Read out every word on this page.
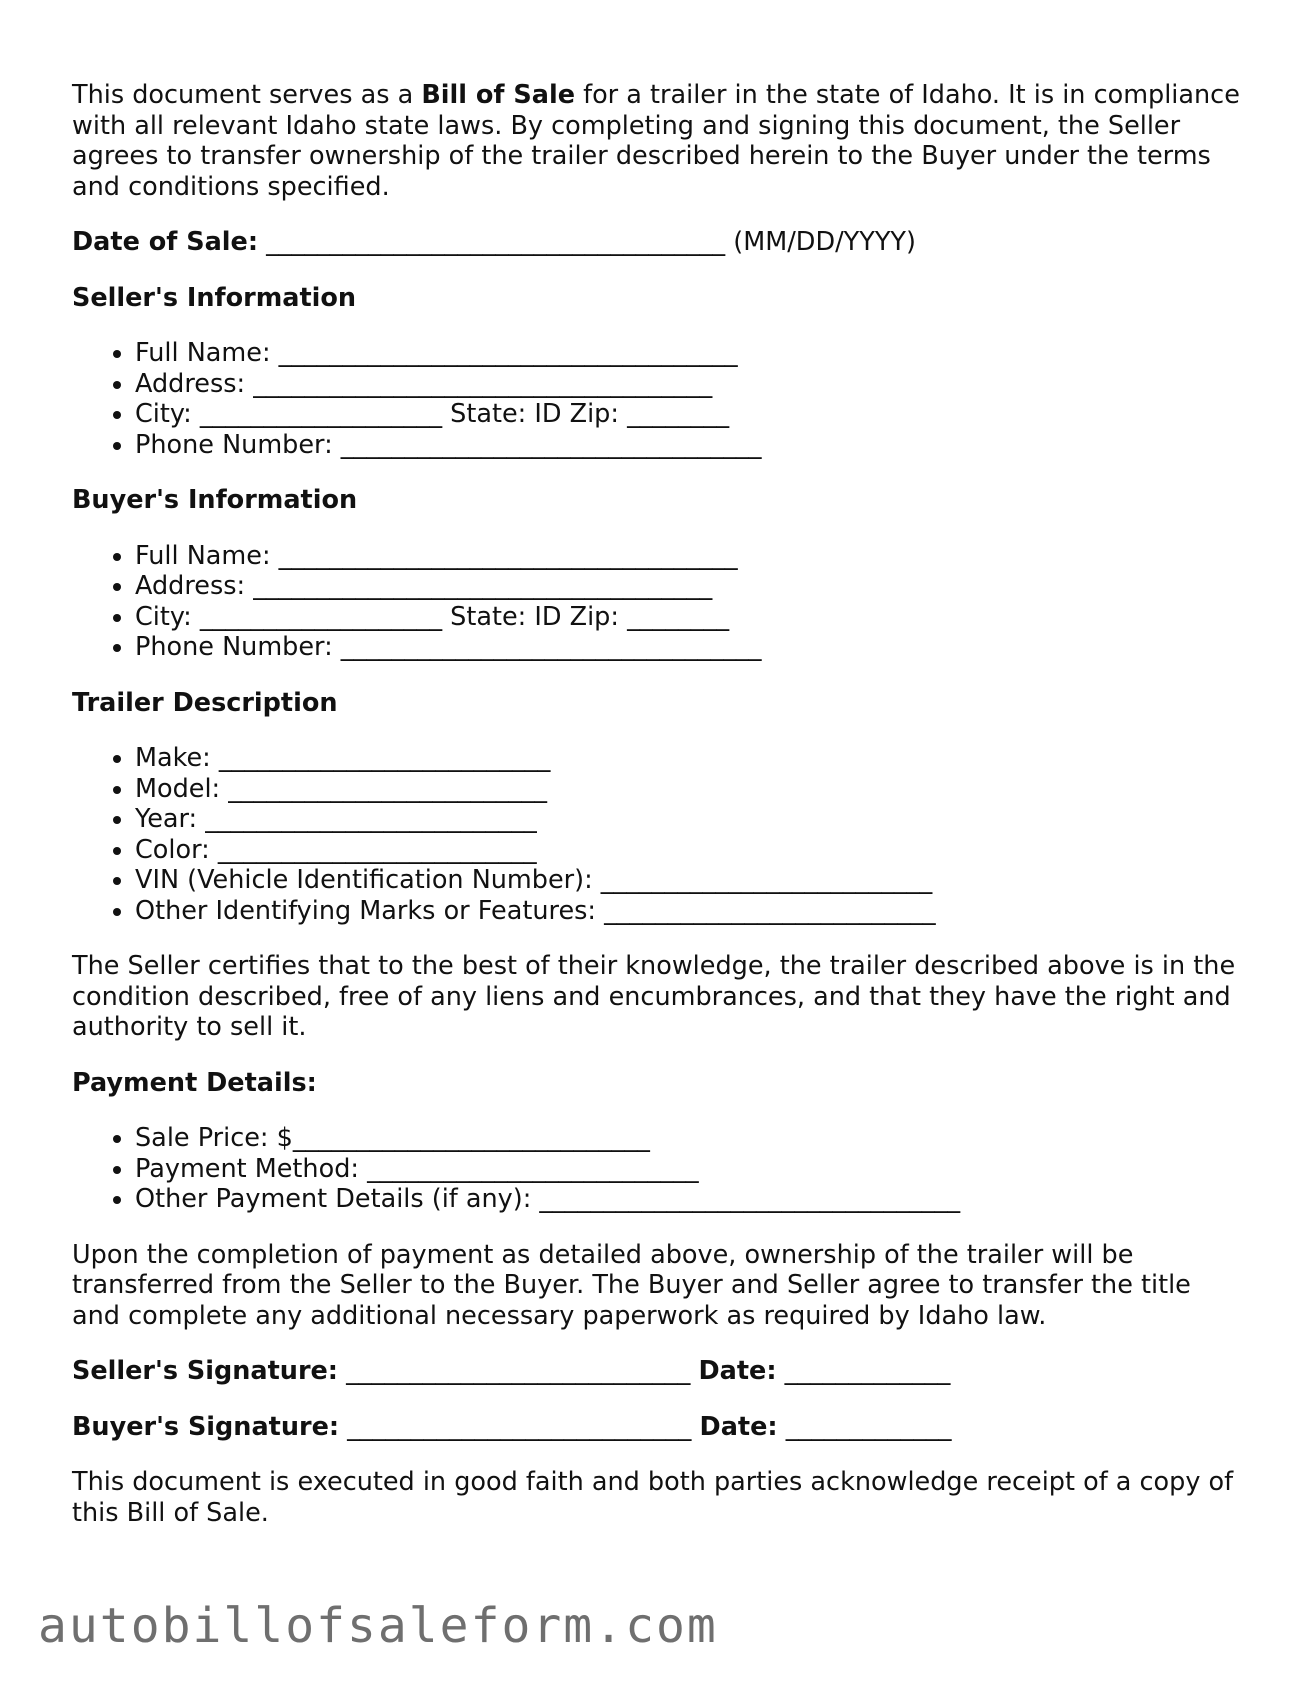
This document serves as a Bill of Sale for a trailer in the state of Idaho. It is in compliance with all relevant Idaho state laws. By completing and signing this document, the Seller agrees to transfer ownership of the trailer described herein to the Buyer under the terms and conditions specified.

Date of Sale: ____________________________________ (MM/DD/YYYY)

Seller's Information
• Full Name: ____________________________________
• Address: ____________________________________
• City: ___________________ State: ID Zip: ________
• Phone Number: _________________________________
Buyer's Information
• Full Name: ____________________________________
• Address: ____________________________________
• City: ___________________ State: ID Zip: ________
• Phone Number: _________________________________
Trailer Description
• Make: __________________________
• Model: _________________________
• Year: __________________________
• Color: _________________________
• VIN (Vehicle Identification Number): __________________________
• Other Identifying Marks or Features: __________________________

The Seller certifies that to the best of their knowledge, the trailer described above is in the condition described, free of any liens and encumbrances, and that they have the right and authority to sell it.

Payment Details:
• Sale Price: $____________________________
• Payment Method: __________________________
• Other Payment Details (if any): _________________________________

Upon the completion of payment as detailed above, ownership of the trailer will be transferred from the Seller to the Buyer. The Buyer and Seller agree to transfer the title and complete any additional necessary paperwork as required by Idaho law.

Seller's Signature: ___________________________ Date: _____________

Buyer's Signature: ___________________________ Date: _____________

This document is executed in good faith and both parties acknowledge receipt of a copy of this Bill of Sale.

autobillofsaleform.com
